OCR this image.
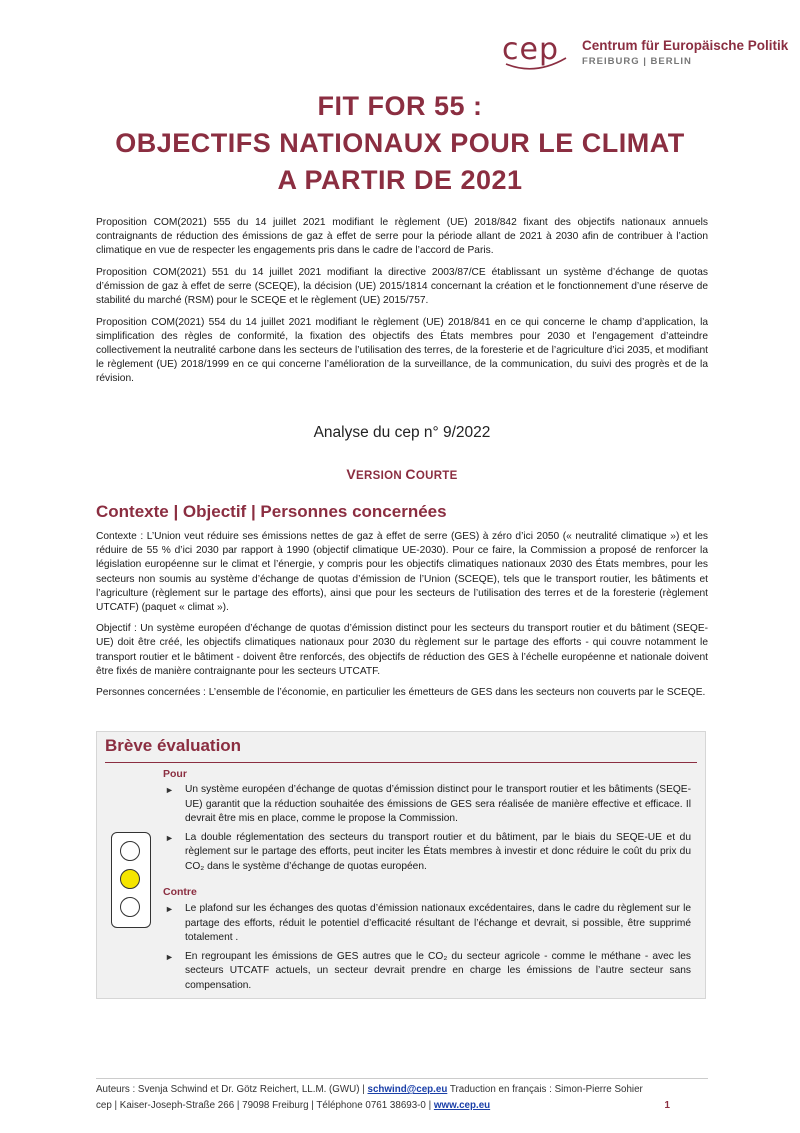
cep Centrum für Europäische Politik
FREIBURG | BERLIN
FIT FOR 55 :
OBJECTIFS NATIONAUX POUR LE CLIMAT
A PARTIR DE 2021

Proposition COM(2021) 555 du 14 juillet 2021 modifiant le règlement (UE) 2018/842 fixant des objectifs nationaux annuels contraignants de réduction des émissions de gaz à effet de serre pour la période allant de 2021 à 2030 afin de contribuer à l’action climatique en vue de respecter les engagements pris dans le cadre de l’accord de Paris.

Proposition COM(2021) 551 du 14 juillet 2021 modifiant la directive 2003/87/CE établissant un système d’échange de quotas d’émission de gaz à effet de serre (SCEQE), la décision (UE) 2015/1814 concernant la création et le fonctionnement d’une réserve de stabilité du marché (RSM) pour le SCEQE et le règlement (UE) 2015/757.

Proposition COM(2021) 554 du 14 juillet 2021 modifiant le règlement (UE) 2018/841 en ce qui concerne le champ d’application, la simplification des règles de conformité, la fixation des objectifs des États membres pour 2030 et l’engagement d’atteindre collectivement la neutralité carbone dans les secteurs de l’utilisation des terres, de la foresterie et de l’agriculture d’ici 2035, et modifiant le règlement (UE) 2018/1999 en ce qui concerne l’amélioration de la surveillance, de la communication, du suivi des progrès et de la révision.

Analyse du cep n° 9/2022
VERSION COURTE
Contexte | Objectif | Personnes concernées

Contexte : L’Union veut réduire ses émissions nettes de gaz à effet de serre (GES) à zéro d’ici 2050 (« neutralité climatique ») et les réduire de 55 % d’ici 2030 par rapport à 1990 (objectif climatique UE-2030). Pour ce faire, la Commission a proposé de renforcer la législation européenne sur le climat et l’énergie, y compris pour les objectifs climatiques nationaux 2030 des États membres, pour les secteurs non soumis au système d’échange de quotas d’émission de l’Union (SCEQE), tels que le transport routier, les bâtiments et l’agriculture (règlement sur le partage des efforts), ainsi que pour les secteurs de l’utilisation des terres et de la foresterie (règlement UTCATF) (paquet « climat »).

Objectif : Un système européen d’échange de quotas d’émission distinct pour les secteurs du transport routier et du bâtiment (SEQE-UE) doit être créé, les objectifs climatiques nationaux pour 2030 du règlement sur le partage des efforts - qui couvre notamment le transport routier et le bâtiment - doivent être renforcés, des objectifs de réduction des GES à l’échelle européenne et nationale doivent être fixés de manière contraignante pour les secteurs UTCATF.

Personnes concernées : L’ensemble de l’économie, en particulier les émetteurs de GES dans les secteurs non couverts par le SCEQE.

Brève évaluation
Pour
► Un système européen d’échange de quotas d’émission distinct pour le transport routier et les bâtiments (SEQE-UE) garantit que la réduction souhaitée des émissions de GES sera réalisée de manière effective et efficace. Il devrait être mis en place, comme le propose la Commission.
► La double réglementation des secteurs du transport routier et du bâtiment, par le biais du SEQE-UE et du règlement sur le partage des efforts, peut inciter les États membres à investir et donc réduire le coût du prix du CO₂ dans le système d’échange de quotas européen.
Contre
► Le plafond sur les échanges des quotas d’émission nationaux excédentaires, dans le cadre du règlement sur le partage des efforts, réduit le potentiel d’efficacité résultant de l’échange et devrait, si possible, être supprimé totalement .
► En regroupant les émissions de GES autres que le CO₂ du secteur agricole - comme le méthane - avec les secteurs UTCATF actuels, un secteur devrait prendre en charge les émissions de l’autre secteur sans compensation.
Auteurs : Svenja Schwind et Dr. Götz Reichert, LL.M. (GWU) | schwind@cep.eu Traduction en français : Simon-Pierre Sohier
cep | Kaiser-Joseph-Straße 266 | 79098 Freiburg | Téléphone 0761 38693-0 | www.cep.eu	1
